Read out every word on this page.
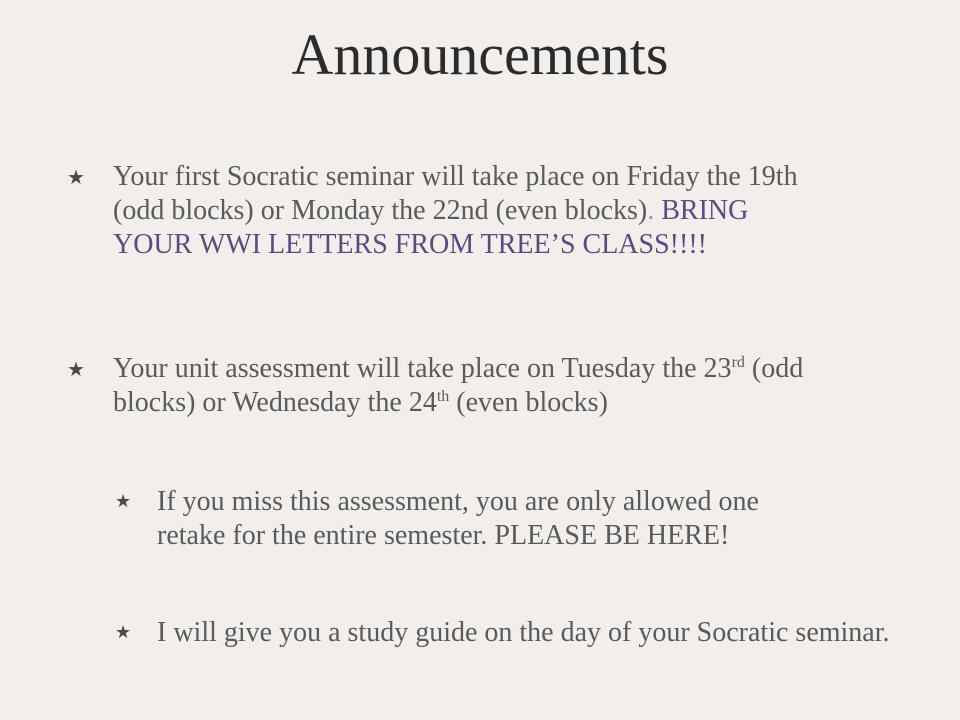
Announcements
★ Your first Socratic seminar will take place on Friday the 19th (odd blocks) or Monday the 22nd (even blocks). BRING YOUR WWI LETTERS FROM TREE’S CLASS!!!!
★ Your unit assessment will take place on Tuesday the 23rd (odd blocks) or Wednesday the 24th (even blocks)
★ If you miss this assessment, you are only allowed one retake for the entire semester. PLEASE BE HERE!
★ I will give you a study guide on the day of your Socratic seminar.
